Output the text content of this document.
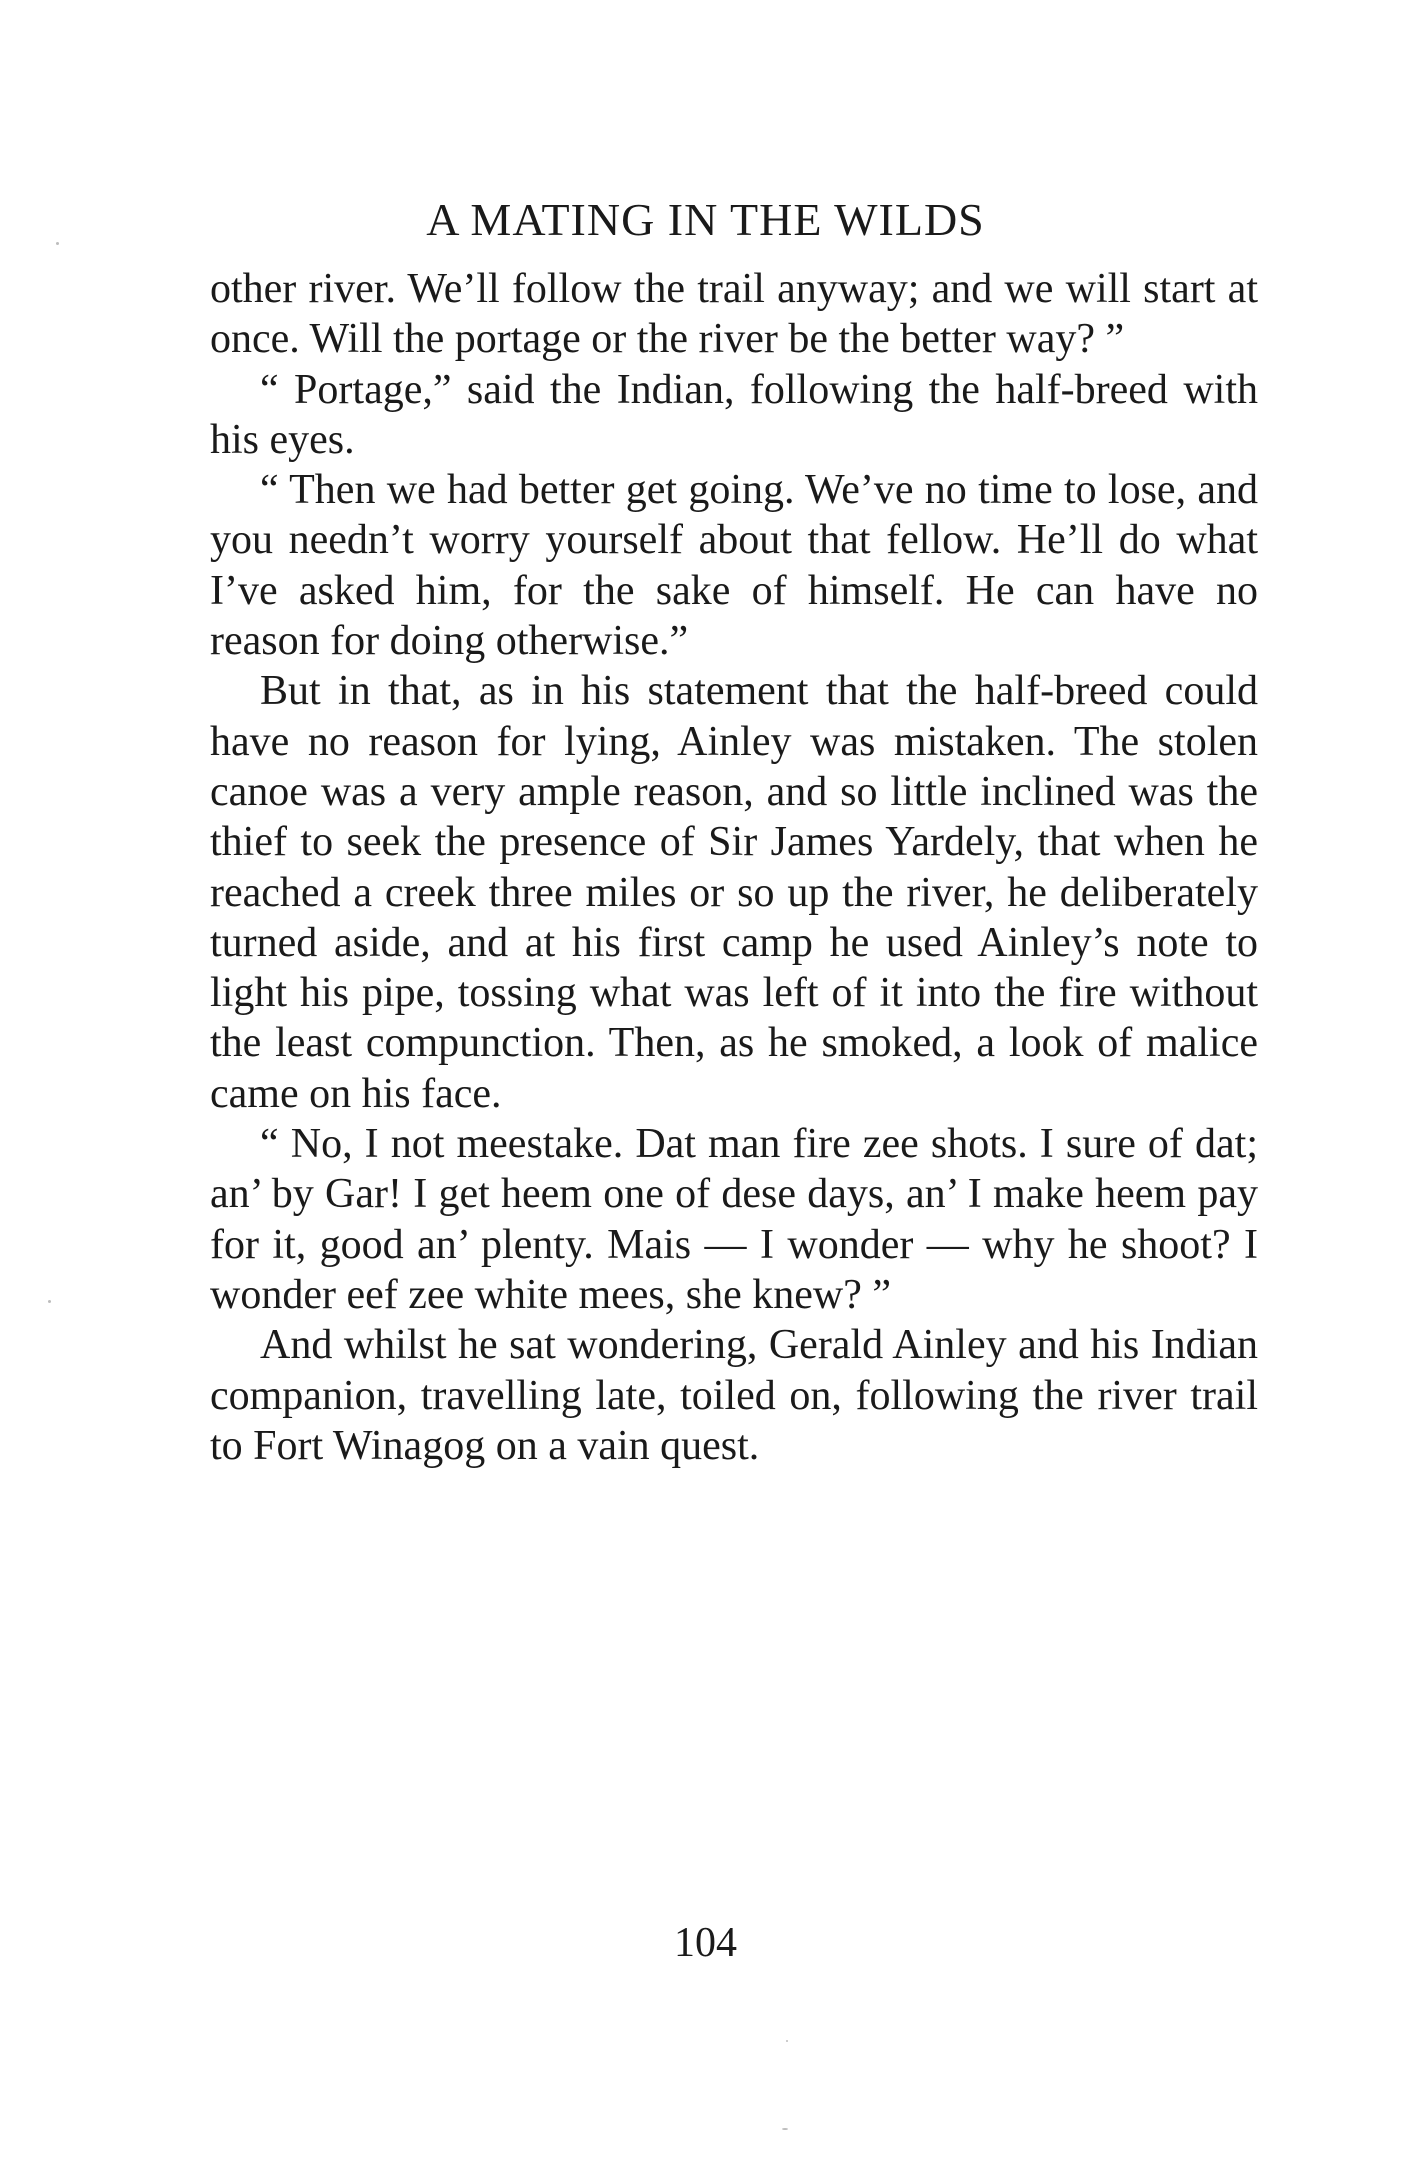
A MATING IN THE WILDS

other river. We’ll follow the trail anyway; and we will start at once. Will the portage or the river be the better way? ”

“ Portage,” said the Indian, following the half-breed with his eyes.

“ Then we had better get going. We’ve no time to lose, and you needn’t worry yourself about that fellow. He’ll do what I’ve asked him, for the sake of himself. He can have no reason for doing otherwise.”

But in that, as in his statement that the half-breed could have no reason for lying, Ainley was mistaken. The stolen canoe was a very ample reason, and so little inclined was the thief to seek the presence of Sir James Yardely, that when he reached a creek three miles or so up the river, he deliberately turned aside, and at his first camp he used Ainley’s note to light his pipe, tossing what was left of it into the fire without the least compunction. Then, as he smoked, a look of malice came on his face.

“ No, I not meestake. Dat man fire zee shots. I sure of dat; an’ by Gar! I get heem one of dese days, an’ I make heem pay for it, good an’ plenty. Mais — I wonder — why he shoot? I wonder eef zee white mees, she knew? ”

And whilst he sat wondering, Gerald Ainley and his Indian companion, travelling late, toiled on, following the river trail to Fort Winagog on a vain quest.

104
